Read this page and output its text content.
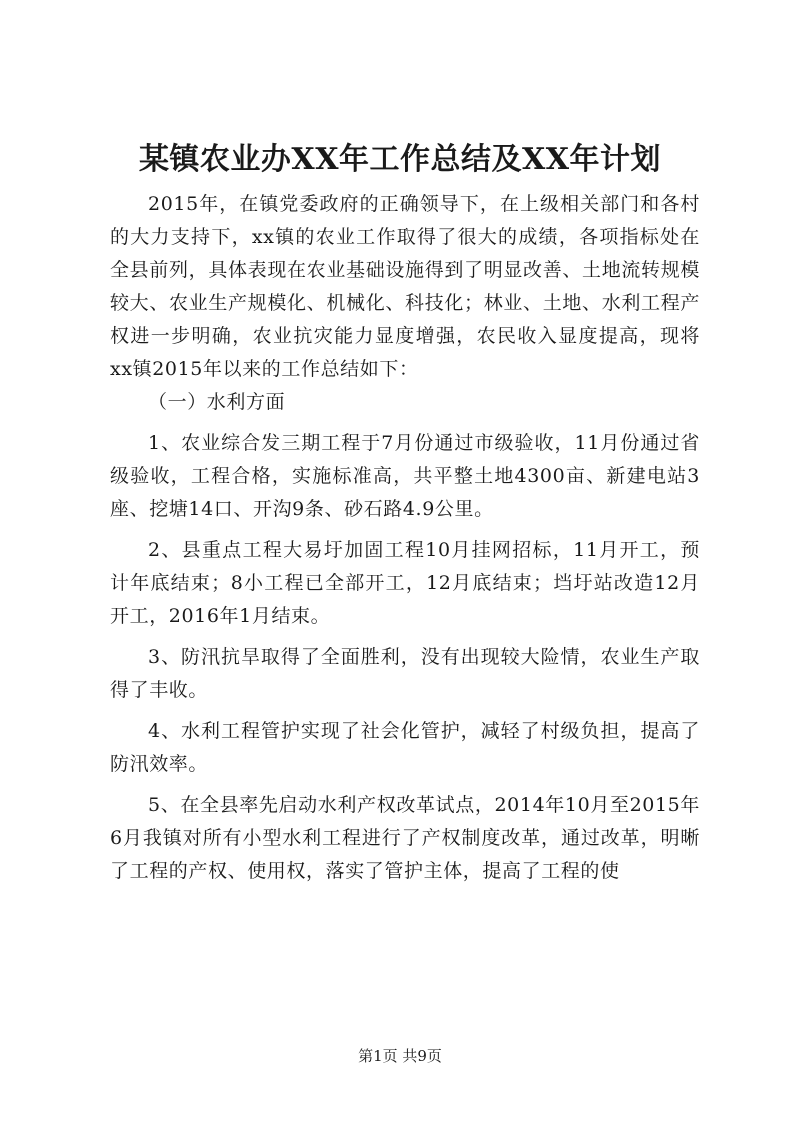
某镇农业办XX年工作总结及XX年计划

2015年，在镇党委政府的正确领导下，在上级相关部门和各村的大力支持下，xx镇的农业工作取得了很大的成绩，各项指标处在全县前列，具体表现在农业基础设施得到了明显改善、土地流转规模较大、农业生产规模化、机械化、科技化；林业、土地、水利工程产权进一步明确，农业抗灾能力显度增强，农民收入显度提高，现将xx镇2015年以来的工作总结如下：

（一）水利方面

1、农业综合发三期工程于7月份通过市级验收，11月份通过省级验收，工程合格，实施标准高，共平整土地4300亩、新建电站3座、挖塘14口、开沟9条、砂石路4.9公里。

2、县重点工程大易圩加固工程10月挂网招标，11月开工，预计年底结束；8小工程已全部开工，12月底结束；垱圩站改造12月开工，2016年1月结束。

3、防汛抗旱取得了全面胜利，没有出现较大险情，农业生产取得了丰收。

4、水利工程管护实现了社会化管护，减轻了村级负担，提高了防汛效率。

5、在全县率先启动水利产权改革试点，2014年10月至2015年6月我镇对所有小型水利工程进行了产权制度改革，通过改革，明晰了工程的产权、使用权，落实了管护主体，提高了工程的使

第1页 共9页
